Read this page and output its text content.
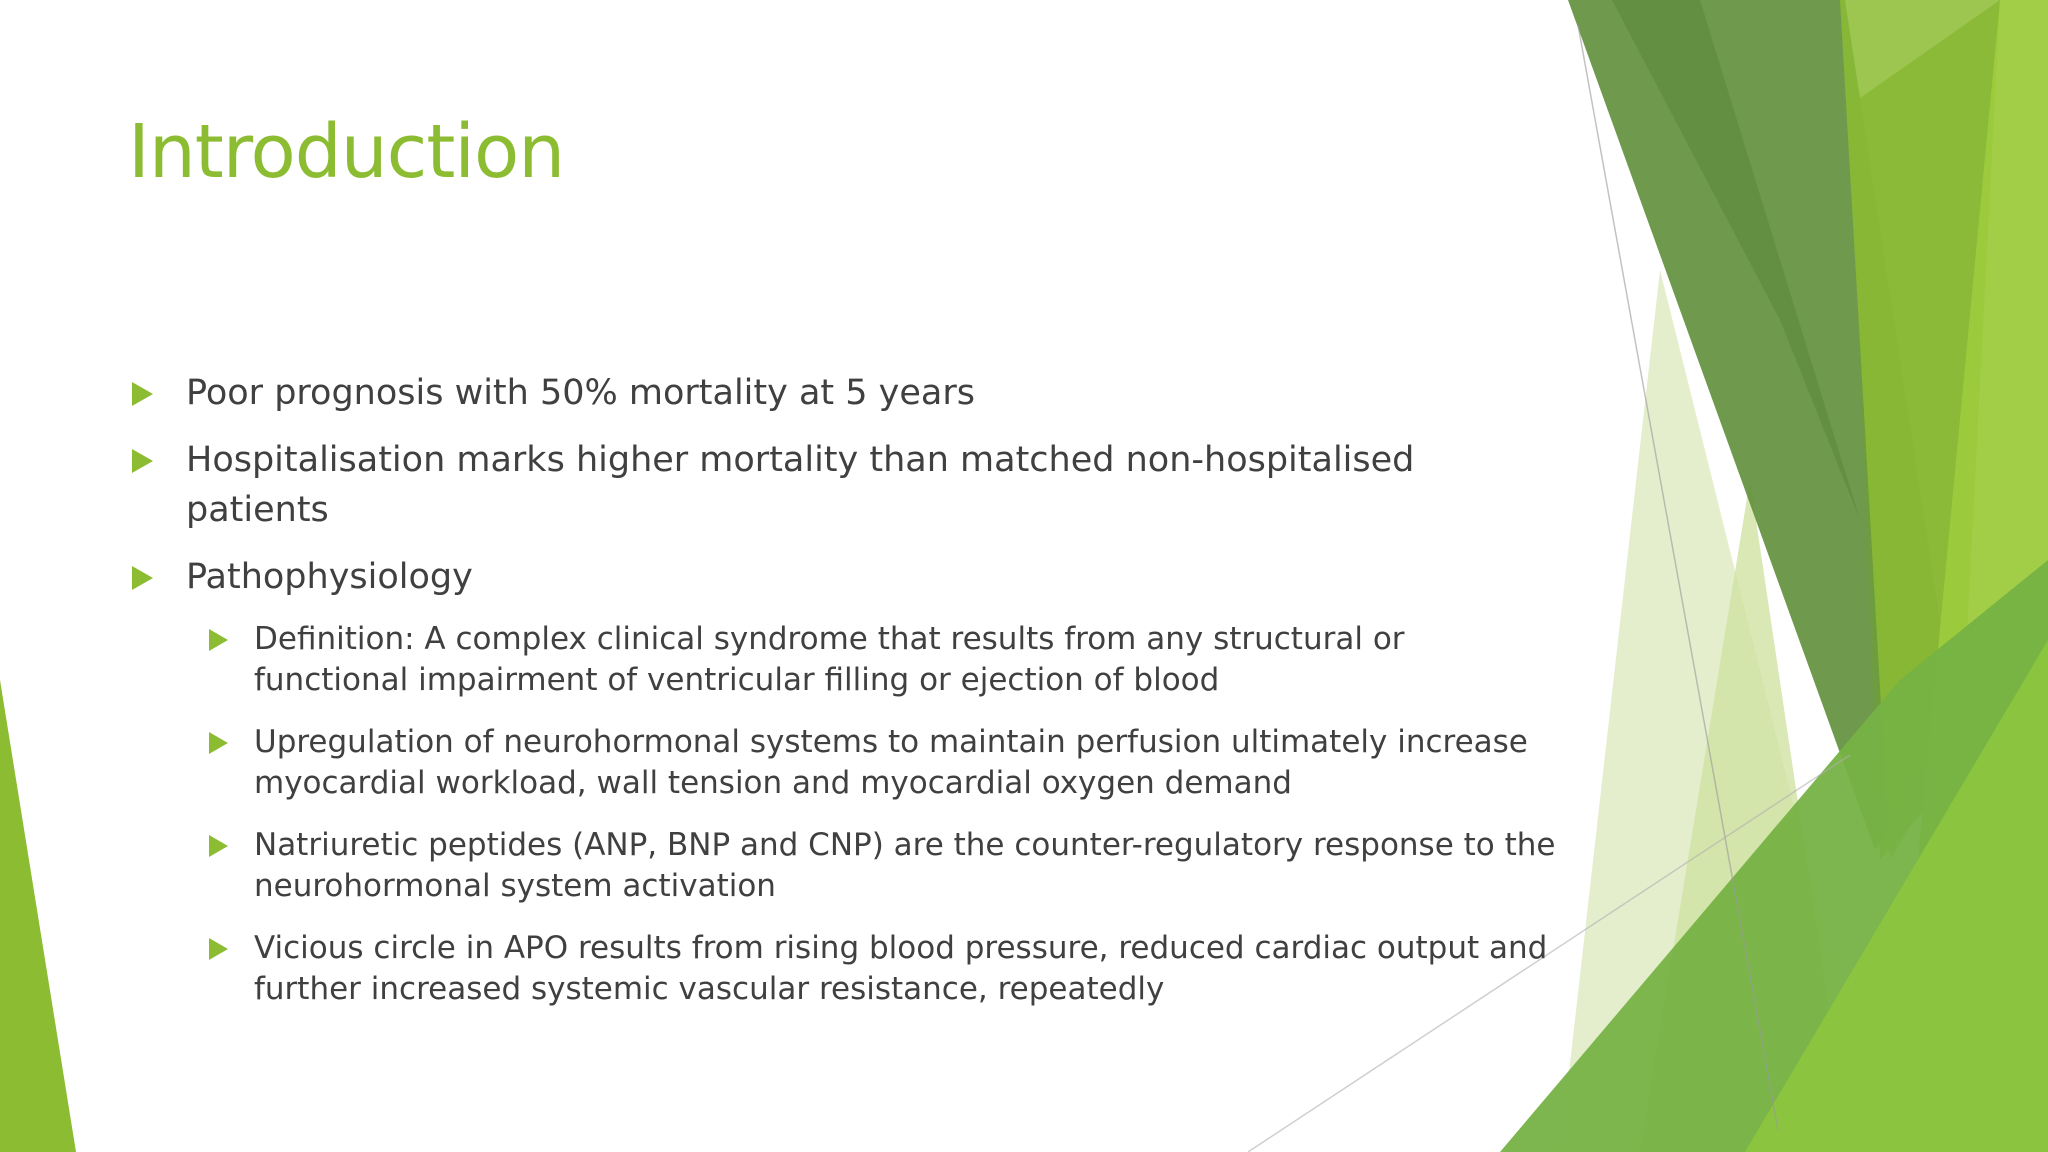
Introduction
Poor prognosis with 50% mortality at 5 years
Hospitalisation marks higher mortality than matched non-hospitalised patients
Pathophysiology
Definition: A complex clinical syndrome that results from any structural or functional impairment of ventricular filling or ejection of blood
Upregulation of neurohormonal systems to maintain perfusion ultimately increase myocardial workload, wall tension and myocardial oxygen demand
Natriuretic peptides (ANP, BNP and CNP) are the counter-regulatory response to the neurohormonal system activation
Vicious circle in APO results from rising blood pressure, reduced cardiac output and further increased systemic vascular resistance, repeatedly
